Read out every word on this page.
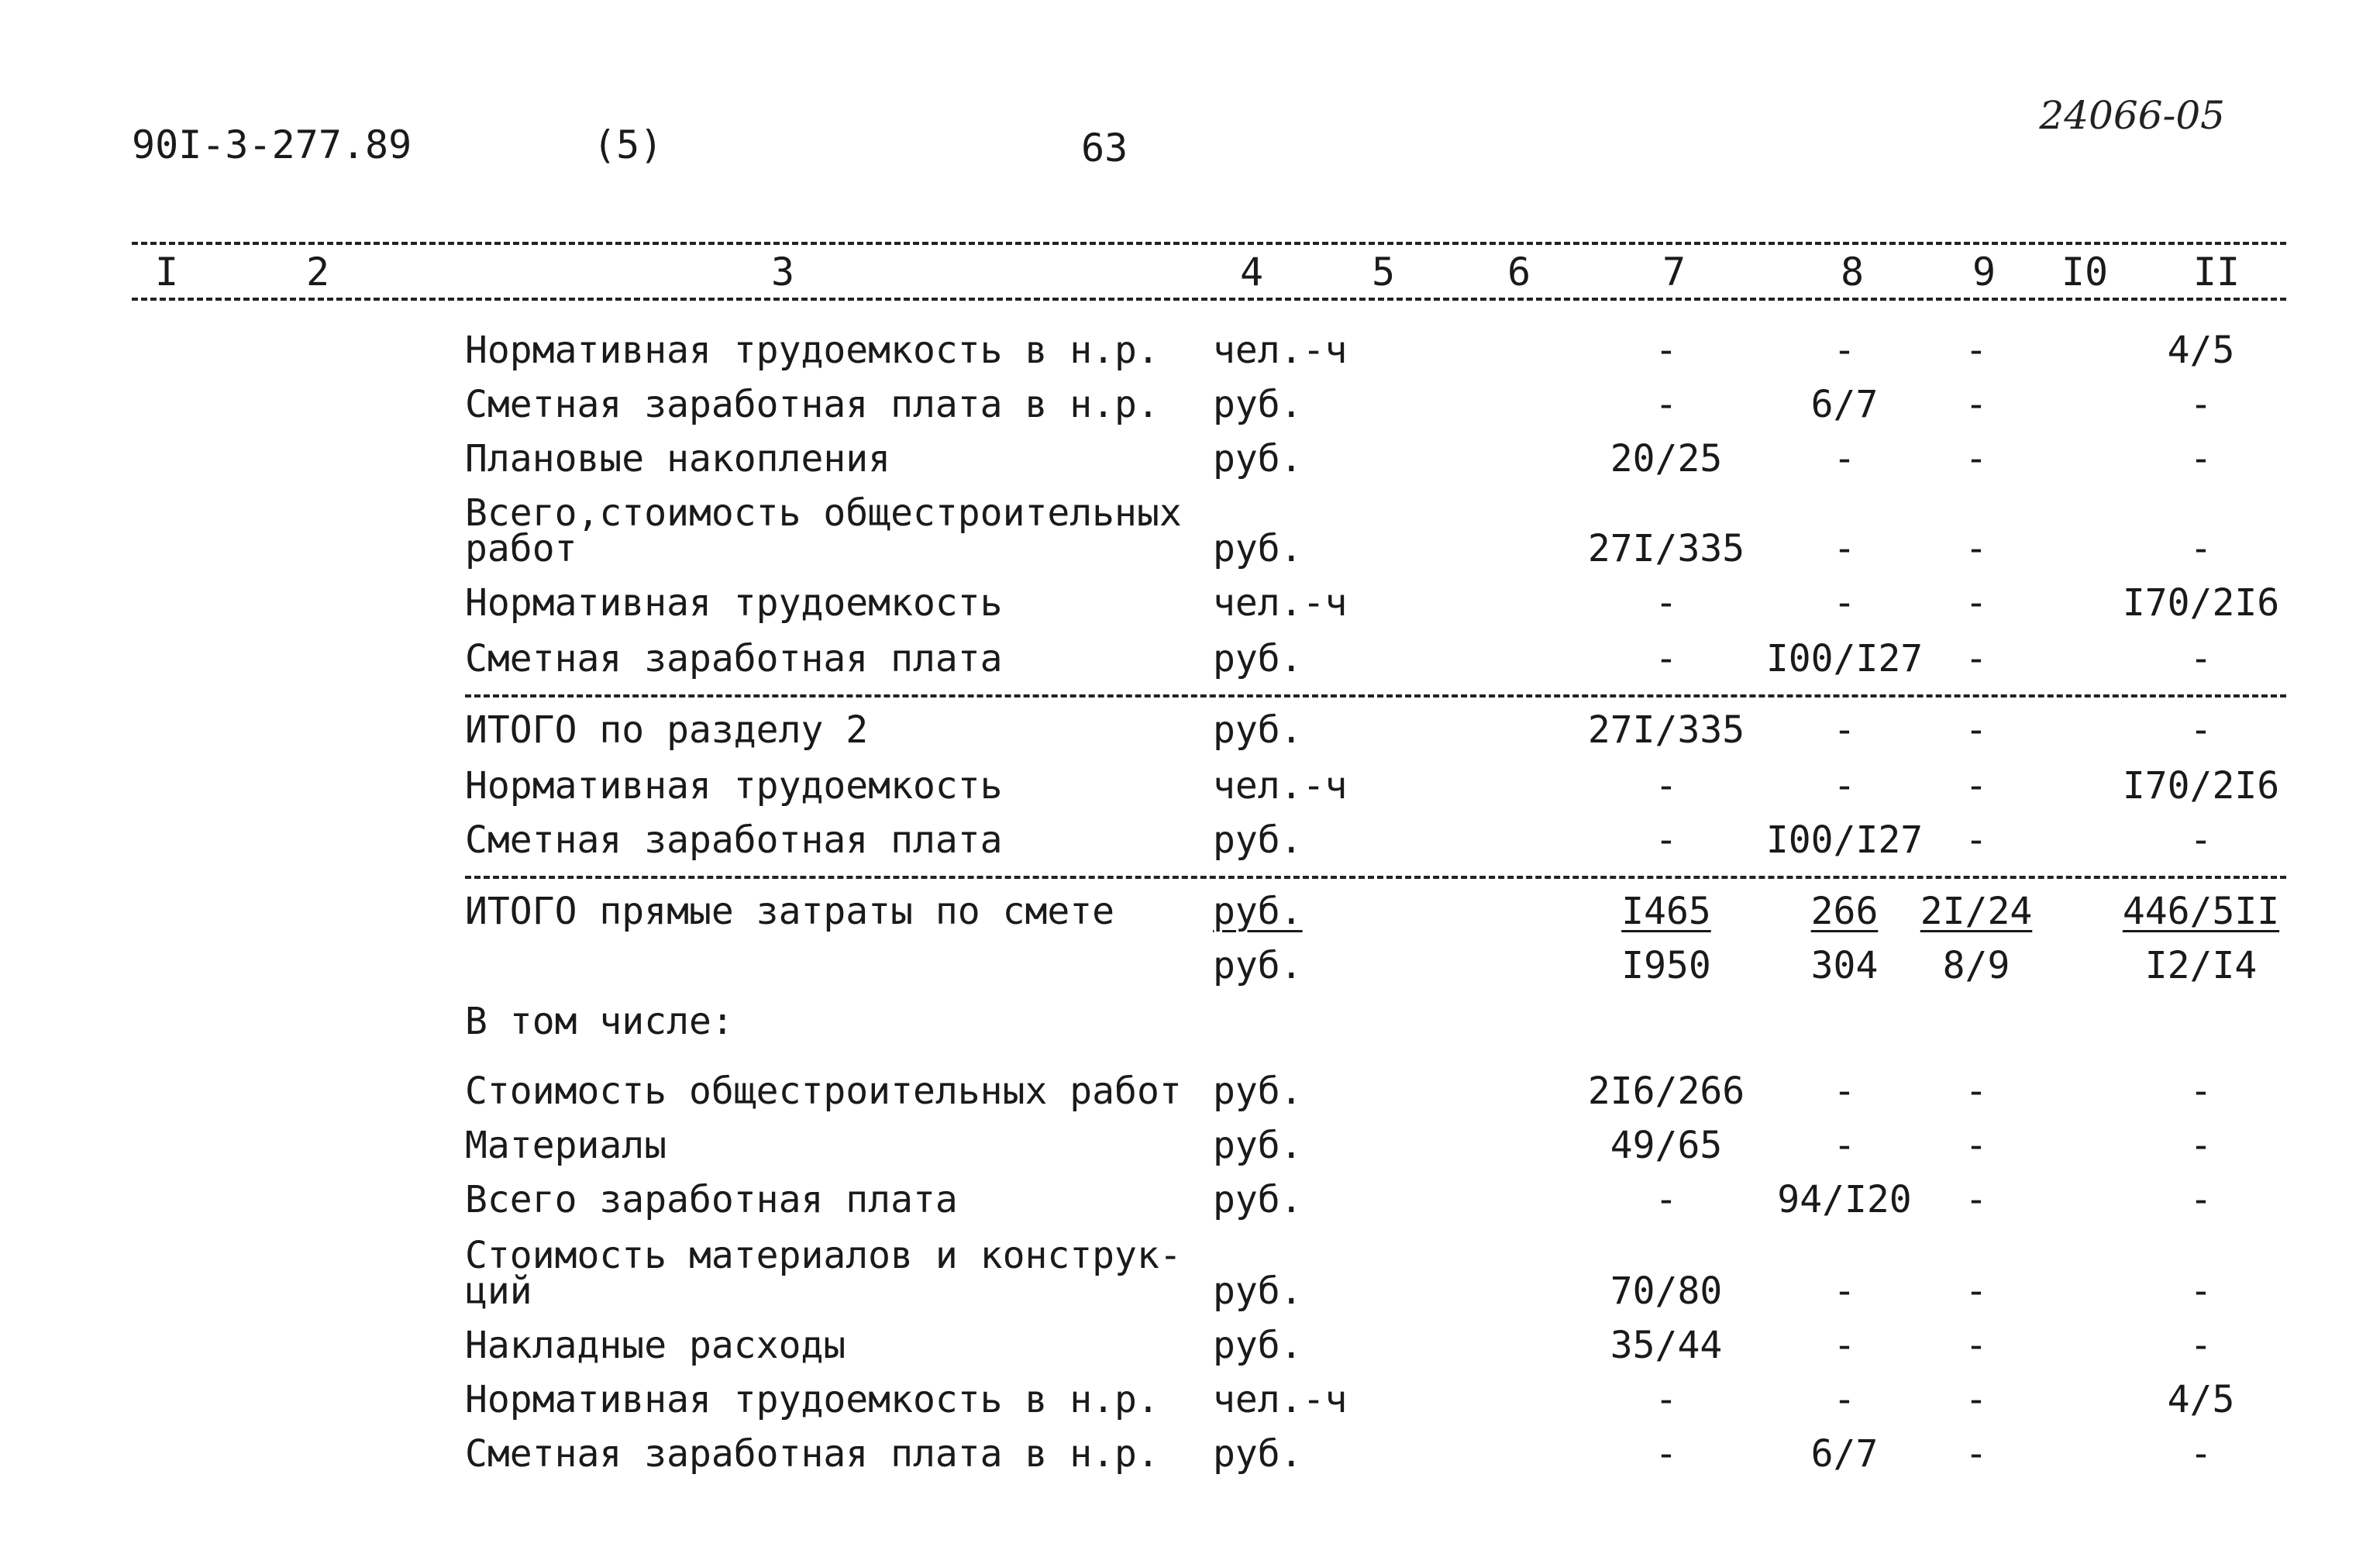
90I-3-277.89	(5)	63
24066-05
I	2	3	4	5	6	7	8	9 I0 II
Нормативная трудоемкость в н.р. чел.-ч	-	-	-	4/5
Сметная заработная плата в н.р. руб.	-	6/7 -	-
Плановые накопления	руб.	20/25	-	-	-
Всего,стоимость общестроительных
работ	руб.	27I/335 -	-	-
Нормативная трудоемкость	чел.-ч	-	-	-	I70/2I6
Сметная заработная плата	руб.	- I00/I27 -	-
ИТОГО по разделу 2	руб.	27I/335 -	-	-
Нормативная трудоемкость	чел.-ч	-	-	-	I70/2I6
Сметная заработная плата	руб.	- I00/I27 -	-
ИТОГО прямые затраты по смете	руб.	I465	266 2I/24 446/5II
руб.	I950	304 8/9	I2/I4
В том числе:
Стоимость общестроительных работ руб.	2I6/266 -	-	-
Материалы	руб.	49/65	-	-	-
Всего заработная плата	руб.	-	94/I20 -	-
Стоимость материалов и конструк-
ций	руб.	70/80	-	-	-
Накладные расходы	руб.	35/44	-	-	-
Нормативная трудоемкость в н.р. чел.-ч	-	-	-	4/5
Сметная заработная плата в н.р. руб.	-	6/7 -	-
